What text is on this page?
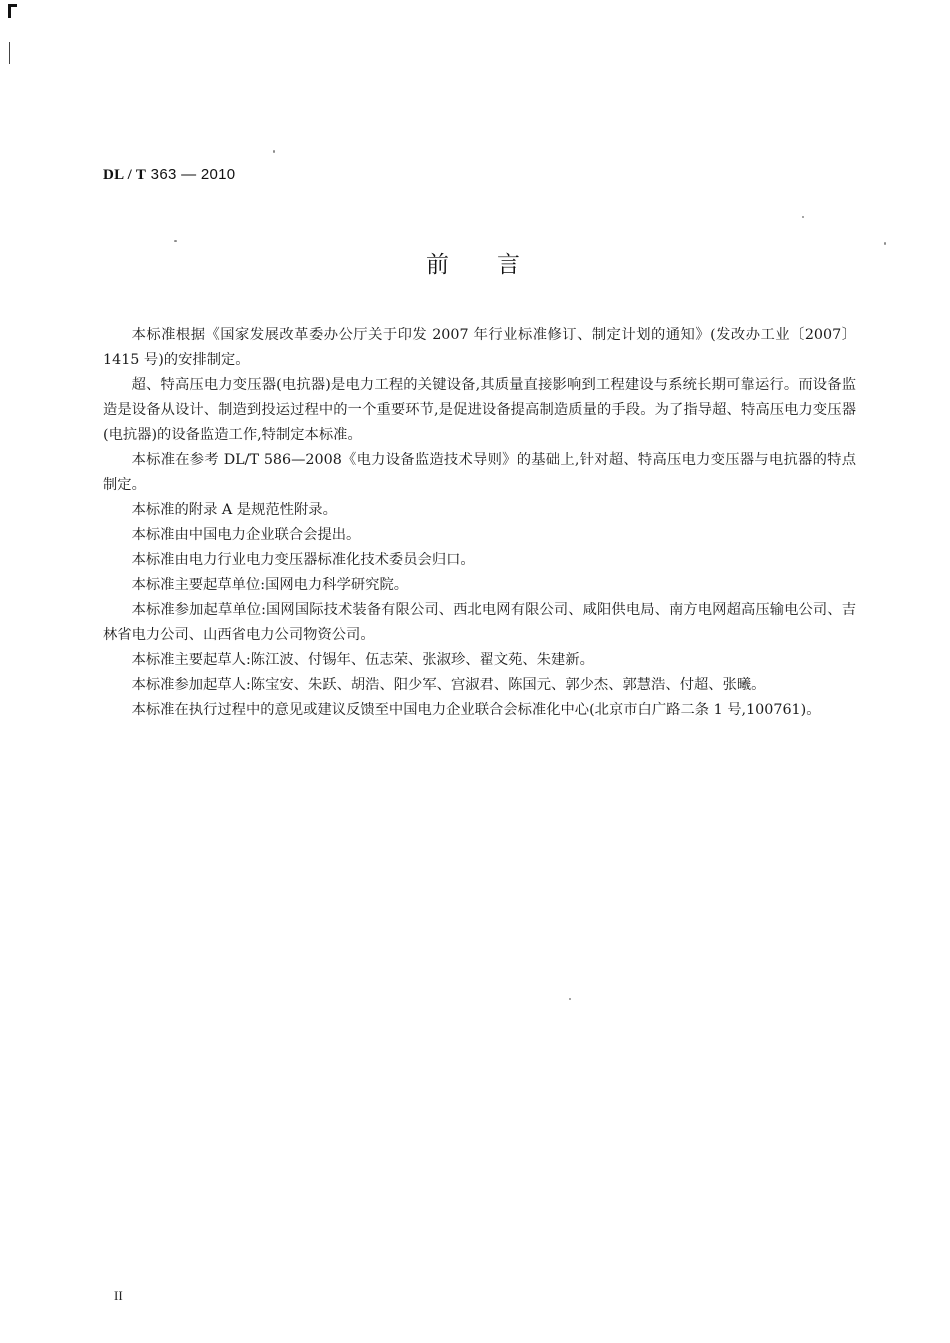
DL / T 363 — 2010
前言

本标准根据《国家发展改革委办公厅关于印发 2007 年行业标准修订、制定计划的通知》(发改办工业〔2007〕1415 号)的安排制定。

超、特高压电力变压器(电抗器)是电力工程的关键设备,其质量直接影响到工程建设与系统长期可靠运行。而设备监造是设备从设计、制造到投运过程中的一个重要环节,是促进设备提高制造质量的手段。为了指导超、特高压电力变压器(电抗器)的设备监造工作,特制定本标准。

本标准在参考 DL/T 586—2008《电力设备监造技术导则》的基础上,针对超、特高压电力变压器与电抗器的特点制定。

本标准的附录 A 是规范性附录。

本标准由中国电力企业联合会提出。

本标准由电力行业电力变压器标准化技术委员会归口。

本标准主要起草单位:国网电力科学研究院。

本标准参加起草单位:国网国际技术装备有限公司、西北电网有限公司、咸阳供电局、南方电网超高压输电公司、吉林省电力公司、山西省电力公司物资公司。

本标准主要起草人:陈江波、付锡年、伍志荣、张淑珍、翟文苑、朱建新。

本标准参加起草人:陈宝安、朱跃、胡浩、阳少军、宫淑君、陈国元、郭少杰、郭慧浩、付超、张曦。

本标准在执行过程中的意见或建议反馈至中国电力企业联合会标准化中心(北京市白广路二条 1 号,100761)。

II
